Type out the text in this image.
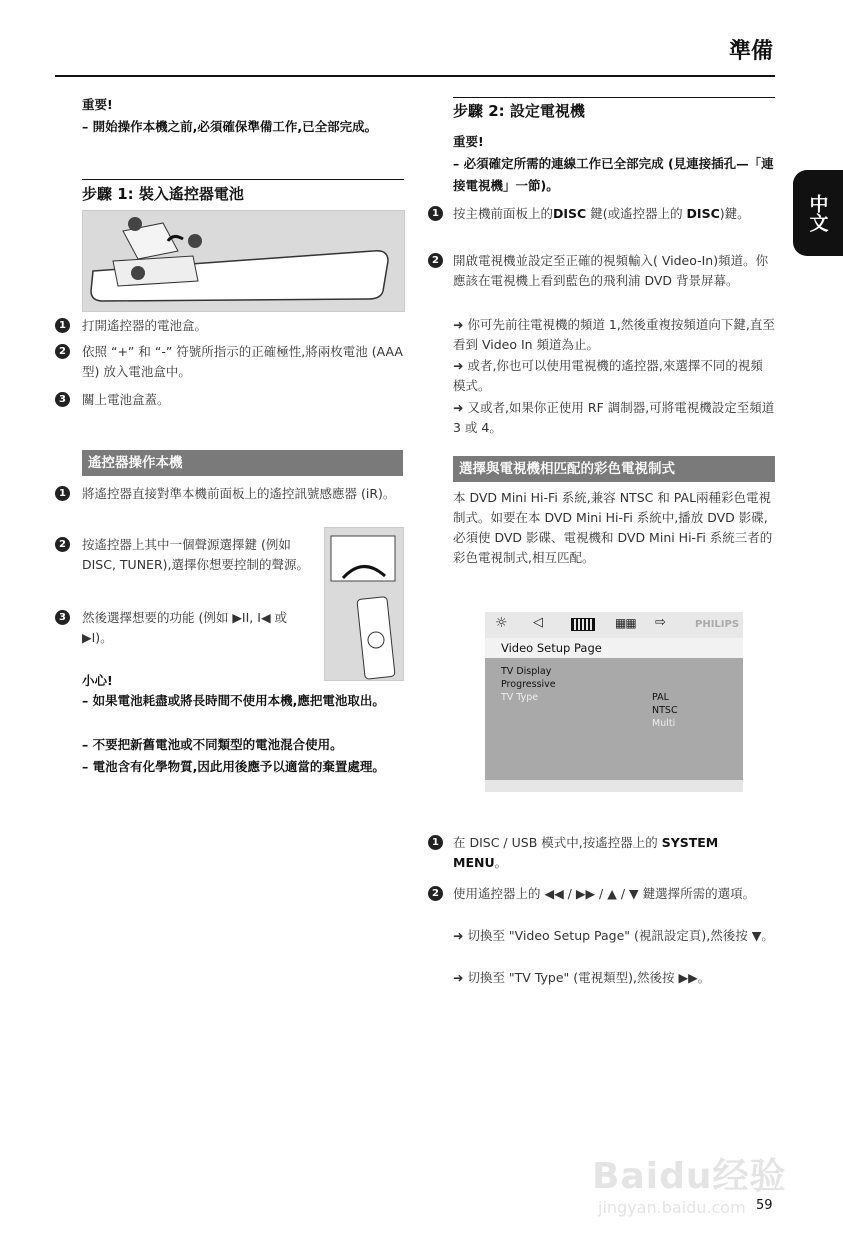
準備
中文
重要!
– 開始操作本機之前,必須確保準備工作,已全部完成。
步驟 1: 裝入遙控器電池
1	打開遙控器的電池盒。
2	依照 “+” 和 “-” 符號所指示的正確極性,將兩枚電池 (AAA型) 放入電池盒中。
3	關上電池盒蓋。
遙控器操作本機
1	將遙控器直接對準本機前面板上的遙控訊號感應器 (iR)。
2	按遙控器上其中一個聲源選擇鍵 (例如 DISC, TUNER),選擇你想要控制的聲源。
3	然後選擇想要的功能 (例如 ▶II, I◀ 或 ▶I)。
小心!
– 如果電池耗盡或將長時間不使用本機,應把電池取出。
– 不要把新舊電池或不同類型的電池混合使用。
– 電池含有化學物質,因此用後應予以適當的棄置處理。
步驟 2: 設定電視機
重要!
– 必須確定所需的連線工作已全部完成 (見連接插孔—「連接電視機」一節)。
1	按主機前面板上的DISC 鍵(或遙控器上的 DISC)鍵。
2	開啟電視機並設定至正確的視頻輸入( Video-In)頻道。你應該在電視機上看到藍色的飛利浦 DVD 背景屏幕。
➜ 你可先前往電視機的頻道 1,然後重複按頻道向下鍵,直至看到 Video In 頻道為止。
➜ 或者,你也可以使用電視機的遙控器,來選擇不同的視頻模式。
➜ 又或者,如果你正使用 RF 調制器,可將電視機設定至頻道 3 或 4。
選擇與電視機相匹配的彩色電視制式
本 DVD Mini Hi-Fi 系統,兼容 NTSC 和 PAL兩種彩色電視制式。如要在本 DVD Mini Hi-Fi 系統中,播放 DVD 影碟,必須使 DVD 影碟、電視機和 DVD Mini Hi-Fi 系統三者的彩色電視制式,相互匹配。
☼ ◁	▦▦ ⇨	PHILIPS
Video Setup Page
TV Display
Progressive
TV Type	PAL
NTSC
Multi
1	在 DISC / USB 模式中,按遙控器上的 SYSTEM MENU。
2	使用遙控器上的 ◀◀ / ▶▶ / ▲ / ▼ 鍵選擇所需的選項。
➜ 切換至 "Video Setup Page" (視訊設定頁),然後按 ▼。
➜ 切換至 "TV Type" (電視類型),然後按 ▶▶。
Baidu经验
jingyan.baidu.com 59
